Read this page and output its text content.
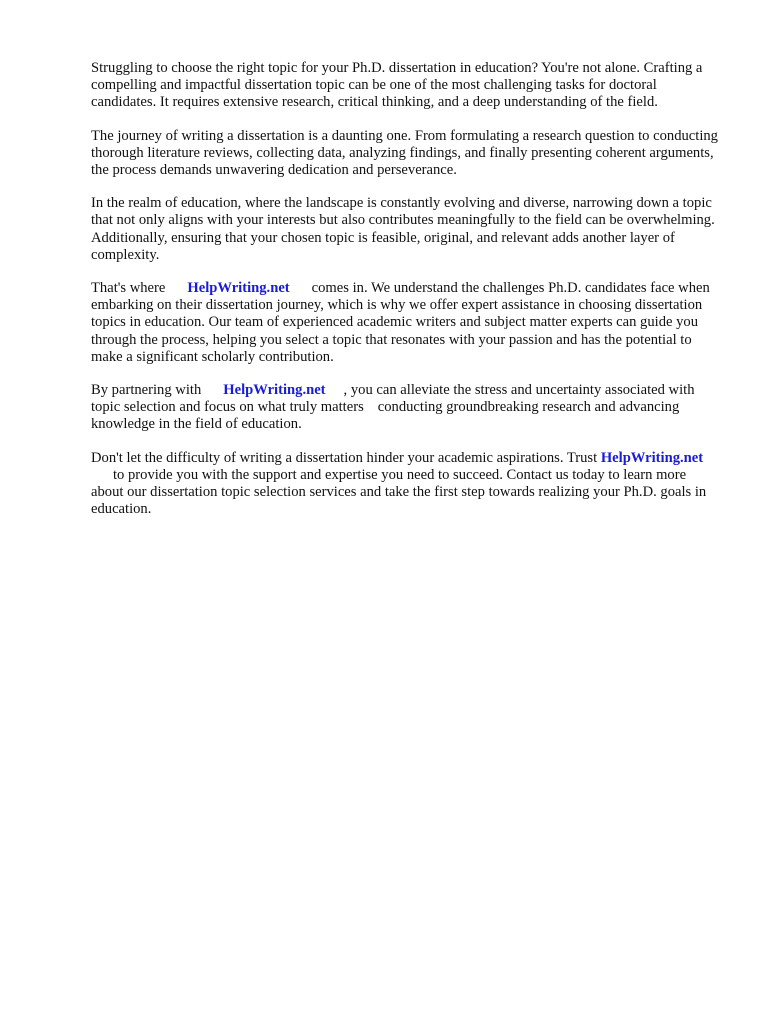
Struggling to choose the right topic for your Ph.D. dissertation in education? You're not alone. Crafting a compelling and impactful dissertation topic can be one of the most challenging tasks for doctoral candidates. It requires extensive research, critical thinking, and a deep understanding of the field.

The journey of writing a dissertation is a daunting one. From formulating a research question to conducting thorough literature reviews, collecting data, analyzing findings, and finally presenting coherent arguments, the process demands unwavering dedication and perseverance.

In the realm of education, where the landscape is constantly evolving and diverse, narrowing down a topic that not only aligns with your interests but also contributes meaningfully to the field can be overwhelming. Additionally, ensuring that your chosen topic is feasible, original, and relevant adds another layer of complexity.

That's where HelpWriting.net comes in. We understand the challenges Ph.D. candidates face when embarking on their dissertation journey, which is why we offer expert assistance in choosing dissertation topics in education. Our team of experienced academic writers and subject matter experts can guide you through the process, helping you select a topic that resonates with your passion and has the potential to make a significant scholarly contribution.

By partnering with HelpWriting.net , you can alleviate the stress and uncertainty associated with topic selection and focus on what truly matters conducting groundbreaking research and advancing knowledge in the field of education.

Don't let the difficulty of writing a dissertation hinder your academic aspirations. Trust HelpWriting.netto provide you with the support and expertise you need to succeed. Contact us today to learn more about our dissertation topic selection services and take the first step towards realizing your Ph.D. goals in education.
